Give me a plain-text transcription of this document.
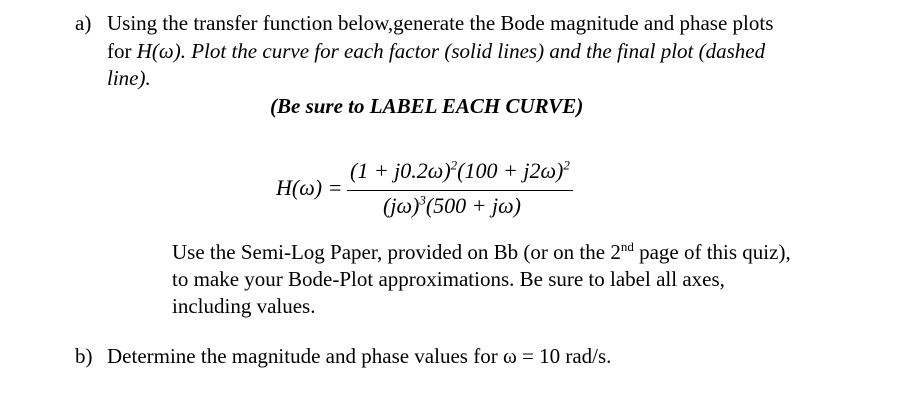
a) Using the transfer function below,generate the Bode magnitude and phase plots
for H(ω). Plot the curve for each factor (solid lines) and the final plot (dashed
line).
(Be sure to LABEL EACH CURVE)
H(ω) =
$(1 + j0.2\omega)^2(100 + j2\omega)^2$
$(j\omega)^3(500 + j\omega)$
Use the Semi-Log Paper, provided on Bb (or on the 2nd page of this quiz),
to make your Bode-Plot approximations. Be sure to label all axes,
including values.
b) Determine the magnitude and phase values for ω = 10 rad/s.
